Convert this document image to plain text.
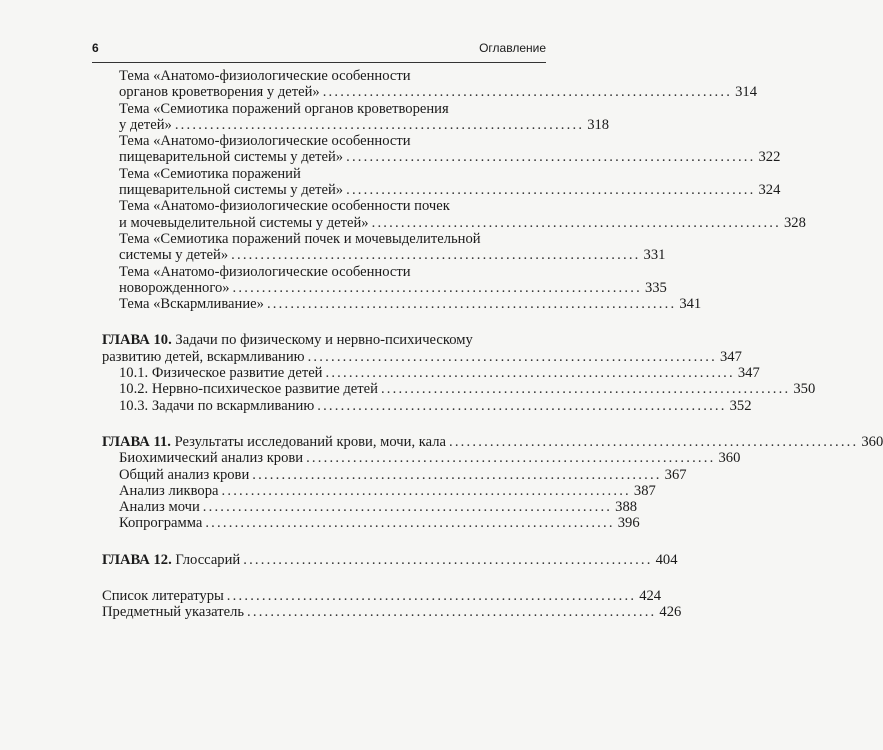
6	Оглавление
Тема «Анатомо-физиологические особенности
органов кроветворения у детей» ...................................................................... 314
Тема «Семиотика поражений органов кроветворения
у детей» ...................................................................... 318
Тема «Анатомо-физиологические особенности
пищеварительной системы у детей» ...................................................................... 322
Тема «Семиотика поражений
пищеварительной системы у детей» ...................................................................... 324
Тема «Анатомо-физиологические особенности почек
и мочевыделительной системы у детей» ...................................................................... 328
Тема «Семиотика поражений почек и мочевыделительной
системы у детей» ...................................................................... 331
Тема «Анатомо-физиологические особенности
новорожденного» ...................................................................... 335
Тема «Вскармливание» ...................................................................... 341
ГЛАВА 10. Задачи по физическому и нервно-психическому
развитию детей, вскармливанию ...................................................................... 347
10.1. Физическое развитие детей ...................................................................... 347
10.2. Нервно-психическое развитие детей ...................................................................... 350
10.3. Задачи по вскармливанию ...................................................................... 352
ГЛАВА 11. Результаты исследований крови, мочи, кала ...................................................................... 360
Биохимический анализ крови ...................................................................... 360
Общий анализ крови ...................................................................... 367
Анализ ликвора ...................................................................... 387
Анализ мочи ...................................................................... 388
Копрограмма ...................................................................... 396
ГЛАВА 12. Глоссарий ...................................................................... 404
Список литературы ...................................................................... 424
Предметный указатель ...................................................................... 426
